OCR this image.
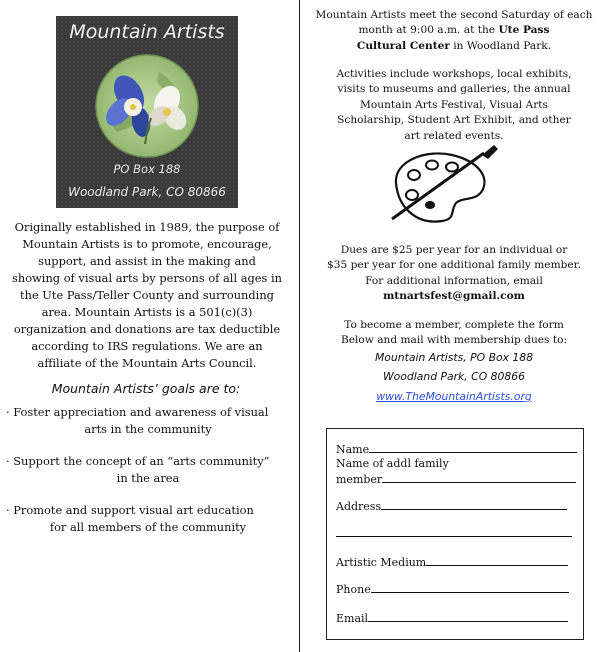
Mountain Artists
PO Box 188
Woodland Park, CO 80866
Originally established in 1989, the purpose of
Mountain Artists is to promote, encourage,
support, and assist in the making and
showing of visual arts by persons of all ages in
the Ute Pass/Teller County and surrounding
area. Mountain Artists is a 501(c)(3)
organization and donations are tax deductible
according to IRS regulations. We are an
affiliate of the Mountain Arts Council.
Mountain Artists’ goals are to:
· Foster appreciation and awareness of visual
arts in the community
· Support the concept of an “arts community”
in the area
· Promote and support visual art education
for all members of the community
Mountain Artists meet the second Saturday of each
month at 9:00 a.m. at the Ute Pass
Cultural Center in Woodland Park.
Activities include workshops, local exhibits,
visits to museums and galleries, the annual
Mountain Arts Festival, Visual Arts
Scholarship, Student Art Exhibit, and other
art related events.
Dues are $25 per year for an individual or
$35 per year for one additional family member.
For additional information, email
mtnartsfest@gmail.com
To become a member, complete the form
Below and mail with membership dues to:
Mountain Artists, PO Box 188
Woodland Park, CO 80866
www.TheMountainArtists.org
Name
Name of addl family
member
Address
Artistic Medium
Phone
Email
